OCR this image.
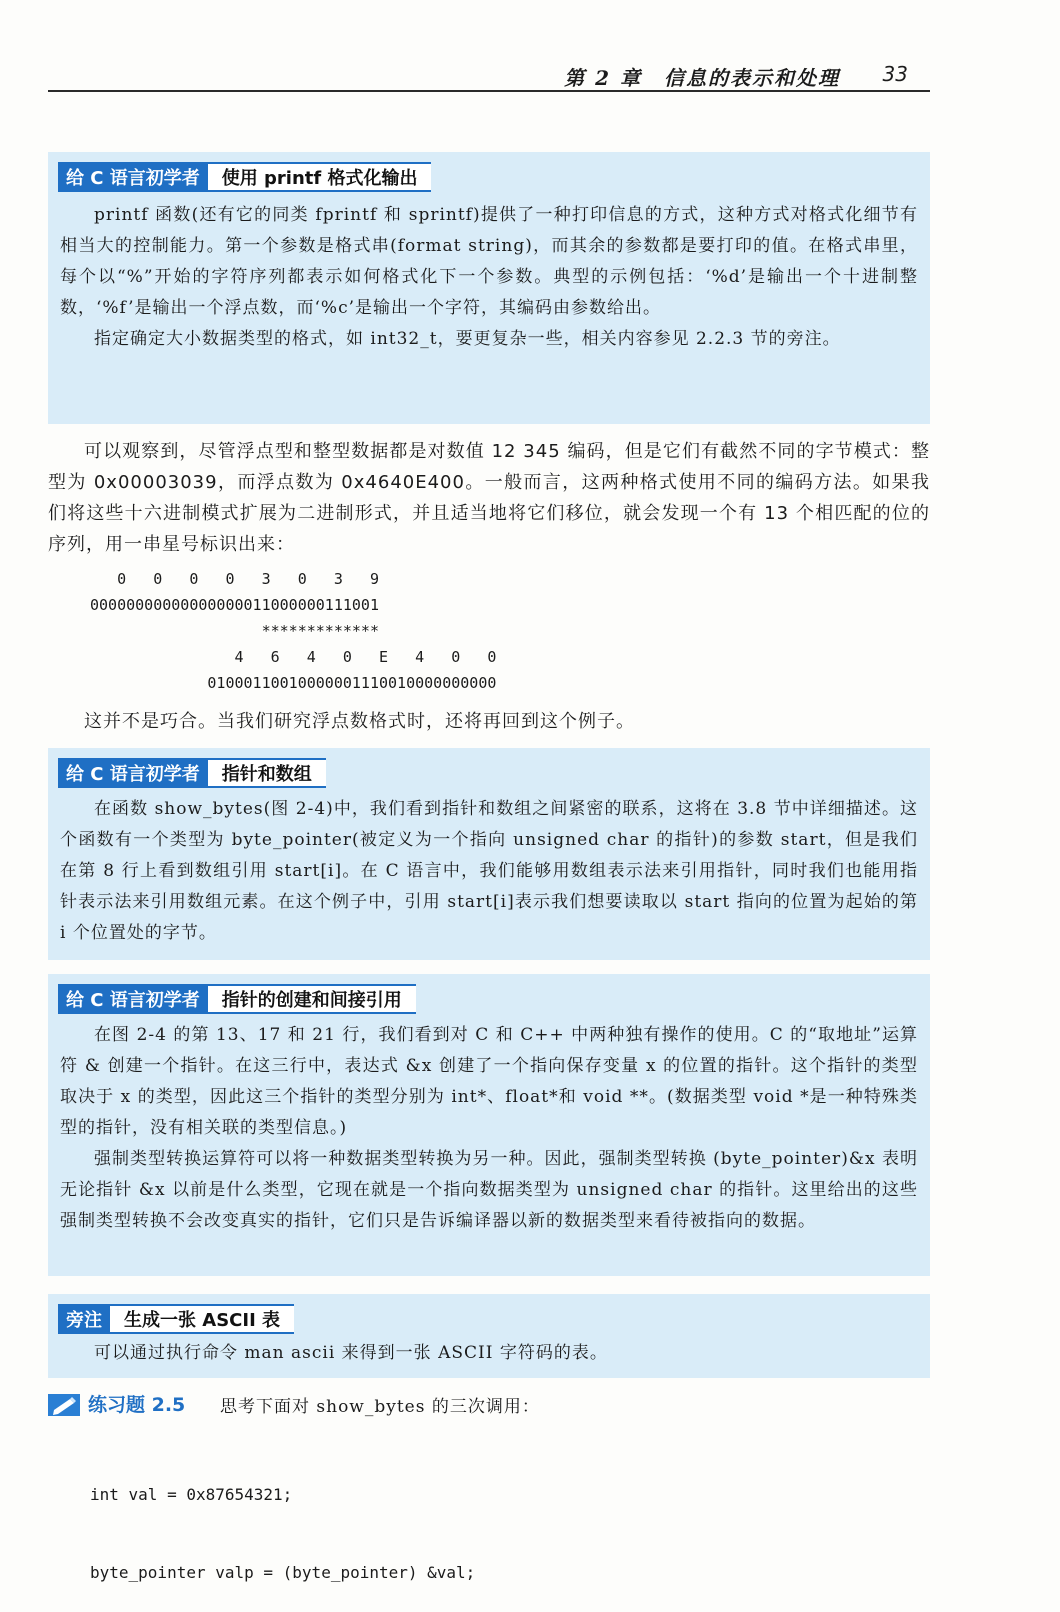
第 2 章　信息的表示和处理 33
给 C 语言初学者	使用 printf 格式化输出

printf 函数(还有它的同类 fprintf 和 sprintf)提供了一种打印信息的方式，这种方式对格式化细节有相当大的控制能力。第一个参数是格式串(format string)，而其余的参数都是要打印的值。在格式串里，每个以“%”开始的字符序列都表示如何格式化下一个参数。典型的示例包括：‘%d’是输出一个十进制整数，‘%f’是输出一个浮点数，而‘%c’是输出一个字符，其编码由参数给出。

指定确定大小数据类型的格式，如 int32_t，要更复杂一些，相关内容参见 2.2.3 节的旁注。

可以观察到，尽管浮点型和整型数据都是对数值 12 345 编码，但是它们有截然不同的字节模式：整型为 0x00003039，而浮点数为 0x4640E400。一般而言，这两种格式使用不同的编码方法。如果我们将这些十六进制模式扩展为二进制形式，并且适当地将它们移位，就会发现一个有 13 个相匹配的位的序列，用一串星号标识出来：

0   0   0   0   3   0   3   9
00000000000000000011000000111001
*************
4   6   4   0   E   4   0   0
01000110010000001110010000000000

这并不是巧合。当我们研究浮点数格式时，还将再回到这个例子。

给 C 语言初学者	指针和数组

在函数 show_bytes(图 2-4)中，我们看到指针和数组之间紧密的联系，这将在 3.8 节中详细描述。这个函数有一个类型为 byte_pointer(被定义为一个指向 unsigned char 的指针)的参数 start，但是我们在第 8 行上看到数组引用 start[i]。在 C 语言中，我们能够用数组表示法来引用指针，同时我们也能用指针表示法来引用数组元素。在这个例子中，引用 start[i]表示我们想要读取以 start 指向的位置为起始的第 i 个位置处的字节。

给 C 语言初学者	指针的创建和间接引用

在图 2-4 的第 13、17 和 21 行，我们看到对 C 和 C++ 中两种独有操作的使用。C 的“取地址”运算符 & 创建一个指针。在这三行中，表达式 &x 创建了一个指向保存变量 x 的位置的指针。这个指针的类型取决于 x 的类型，因此这三个指针的类型分别为 int*、float*和 void **。(数据类型 void *是一种特殊类型的指针，没有相关联的类型信息。)

强制类型转换运算符可以将一种数据类型转换为另一种。因此，强制类型转换 (byte_pointer)&x 表明无论指针 &x 以前是什么类型，它现在就是一个指向数据类型为 unsigned char 的指针。这里给出的这些强制类型转换不会改变真实的指针，它们只是告诉编译器以新的数据类型来看待被指向的数据。

旁注	生成一张 ASCII 表

可以通过执行命令 man ascii 来得到一张 ASCII 字符码的表。

练习题 2.5 思考下面对 show_bytes 的三次调用：

int val = 0x87654321;

byte_pointer valp = (byte_pointer) &val;
